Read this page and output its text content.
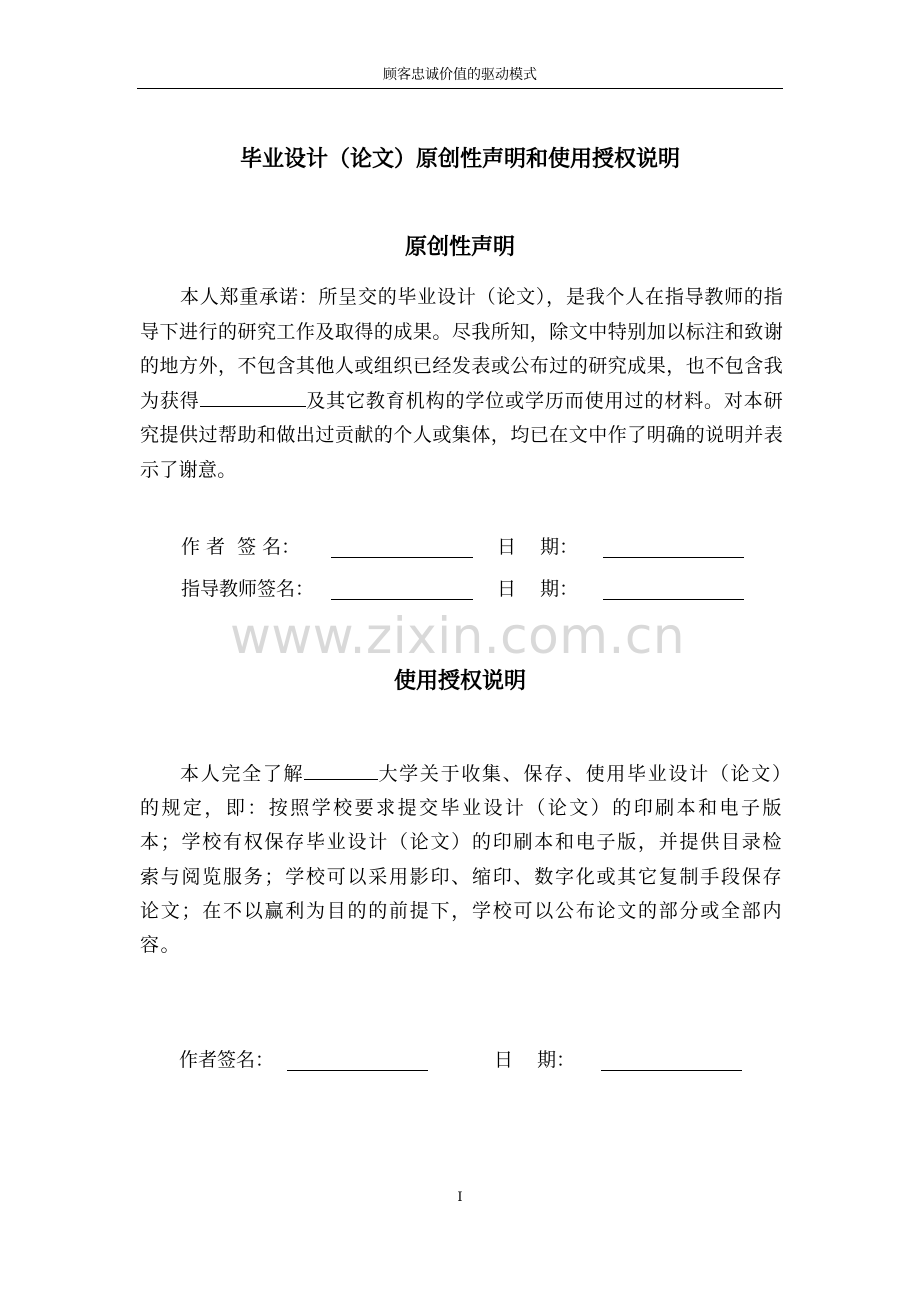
顾客忠诚价值的驱动模式
毕业设计（论文）原创性声明和使用授权说明
原创性声明

本人郑重承诺：所呈交的毕业设计（论文），是我个人在指导教师的指导下进行的研究工作及取得的成果。尽我所知，除文中特别加以标注和致谢的地方外，不包含其他人或组织已经发表或公布过的研究成果，也不包含我为获得	及其它教育机构的学位或学历而使用过的材料。对本研究提供过帮助和做出过贡献的个人或集体，均已在文中作了明确的说明并表示了谢意。

作 者  签 名：	日    期：
指导教师签名：	日    期：
www.zixin.com.cn
使用授权说明

本人完全了解	大学关于收集、保存、使用毕业设计（论文）的规定，即：按照学校要求提交毕业设计（论文）的印刷本和电子版本；学校有权保存毕业设计（论文）的印刷本和电子版，并提供目录检索与阅览服务；学校可以采用影印、缩印、数字化或其它复制手段保存论文；在不以赢利为目的的前提下，学校可以公布论文的部分或全部内容。

作者签名：	日    期：
I
